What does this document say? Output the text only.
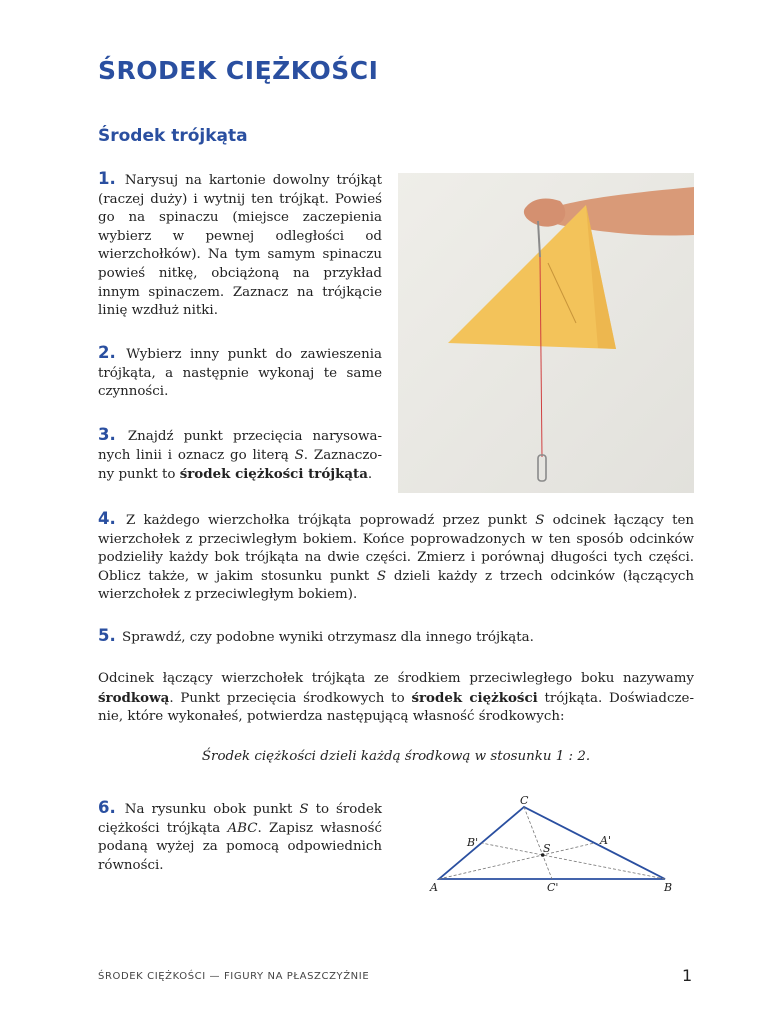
ŚRODEK CIĘŻKOŚCI
Środek trójkąta
1. Narysuj na kartonie dowolny trójkąt (raczej duży) i wytnij ten trójkąt. Powieś go na spinaczu (miejsce zaczepienia wybierz w pewnej odległości od wierzchołków). Na tym samym spinaczu powieś nitkę, obciążoną na przykład innym spinaczem. Zaznacz na trójkącie linię wzdłuż nitki.
2. Wybierz inny punkt do zawieszenia trójkąta, a następnie wykonaj te same czynności.
3. Znajdź punkt przecięcia narysowanych linii i oznacz go literą S. Zaznaczony punkt to środek ciężkości trójkąta.
4. Z każdego wierzchołka trójkąta poprowadź przez punkt S odcinek łączący ten wierzchołek z przeciwległym bokiem. Końce poprowadzonych w ten sposób odcinków podzieliły każdy bok trójkąta na dwie części. Zmierz i porównaj długości tych części. Oblicz także, w jakim stosunku punkt S dzieli każdy z trzech odcinków (łączących wierzchołek z przeciwległym bokiem).
5. Sprawdź, czy podobne wyniki otrzymasz dla innego trójkąta.
Odcinek łączący wierzchołek trójkąta ze środkiem przeciwległego boku nazywamy środkową. Punkt przecięcia środkowych to środek ciężkości trójkąta. Doświadczenie, które wykonałeś, potwierdza następującą własność środkowych:
Środek ciężkości dzieli każdą środkową w stosunku 1 : 2.
6. Na rysunku obok punkt S to środek ciężkości trójkąta ABC. Zapisz własność podaną wyżej za pomocą odpowiednich równości.
A	B
C
A'
B'
C'
S
ŚRODEK CIĘŻKOŚCI — FIGURY NA PŁASZCZYŹNIE	1
